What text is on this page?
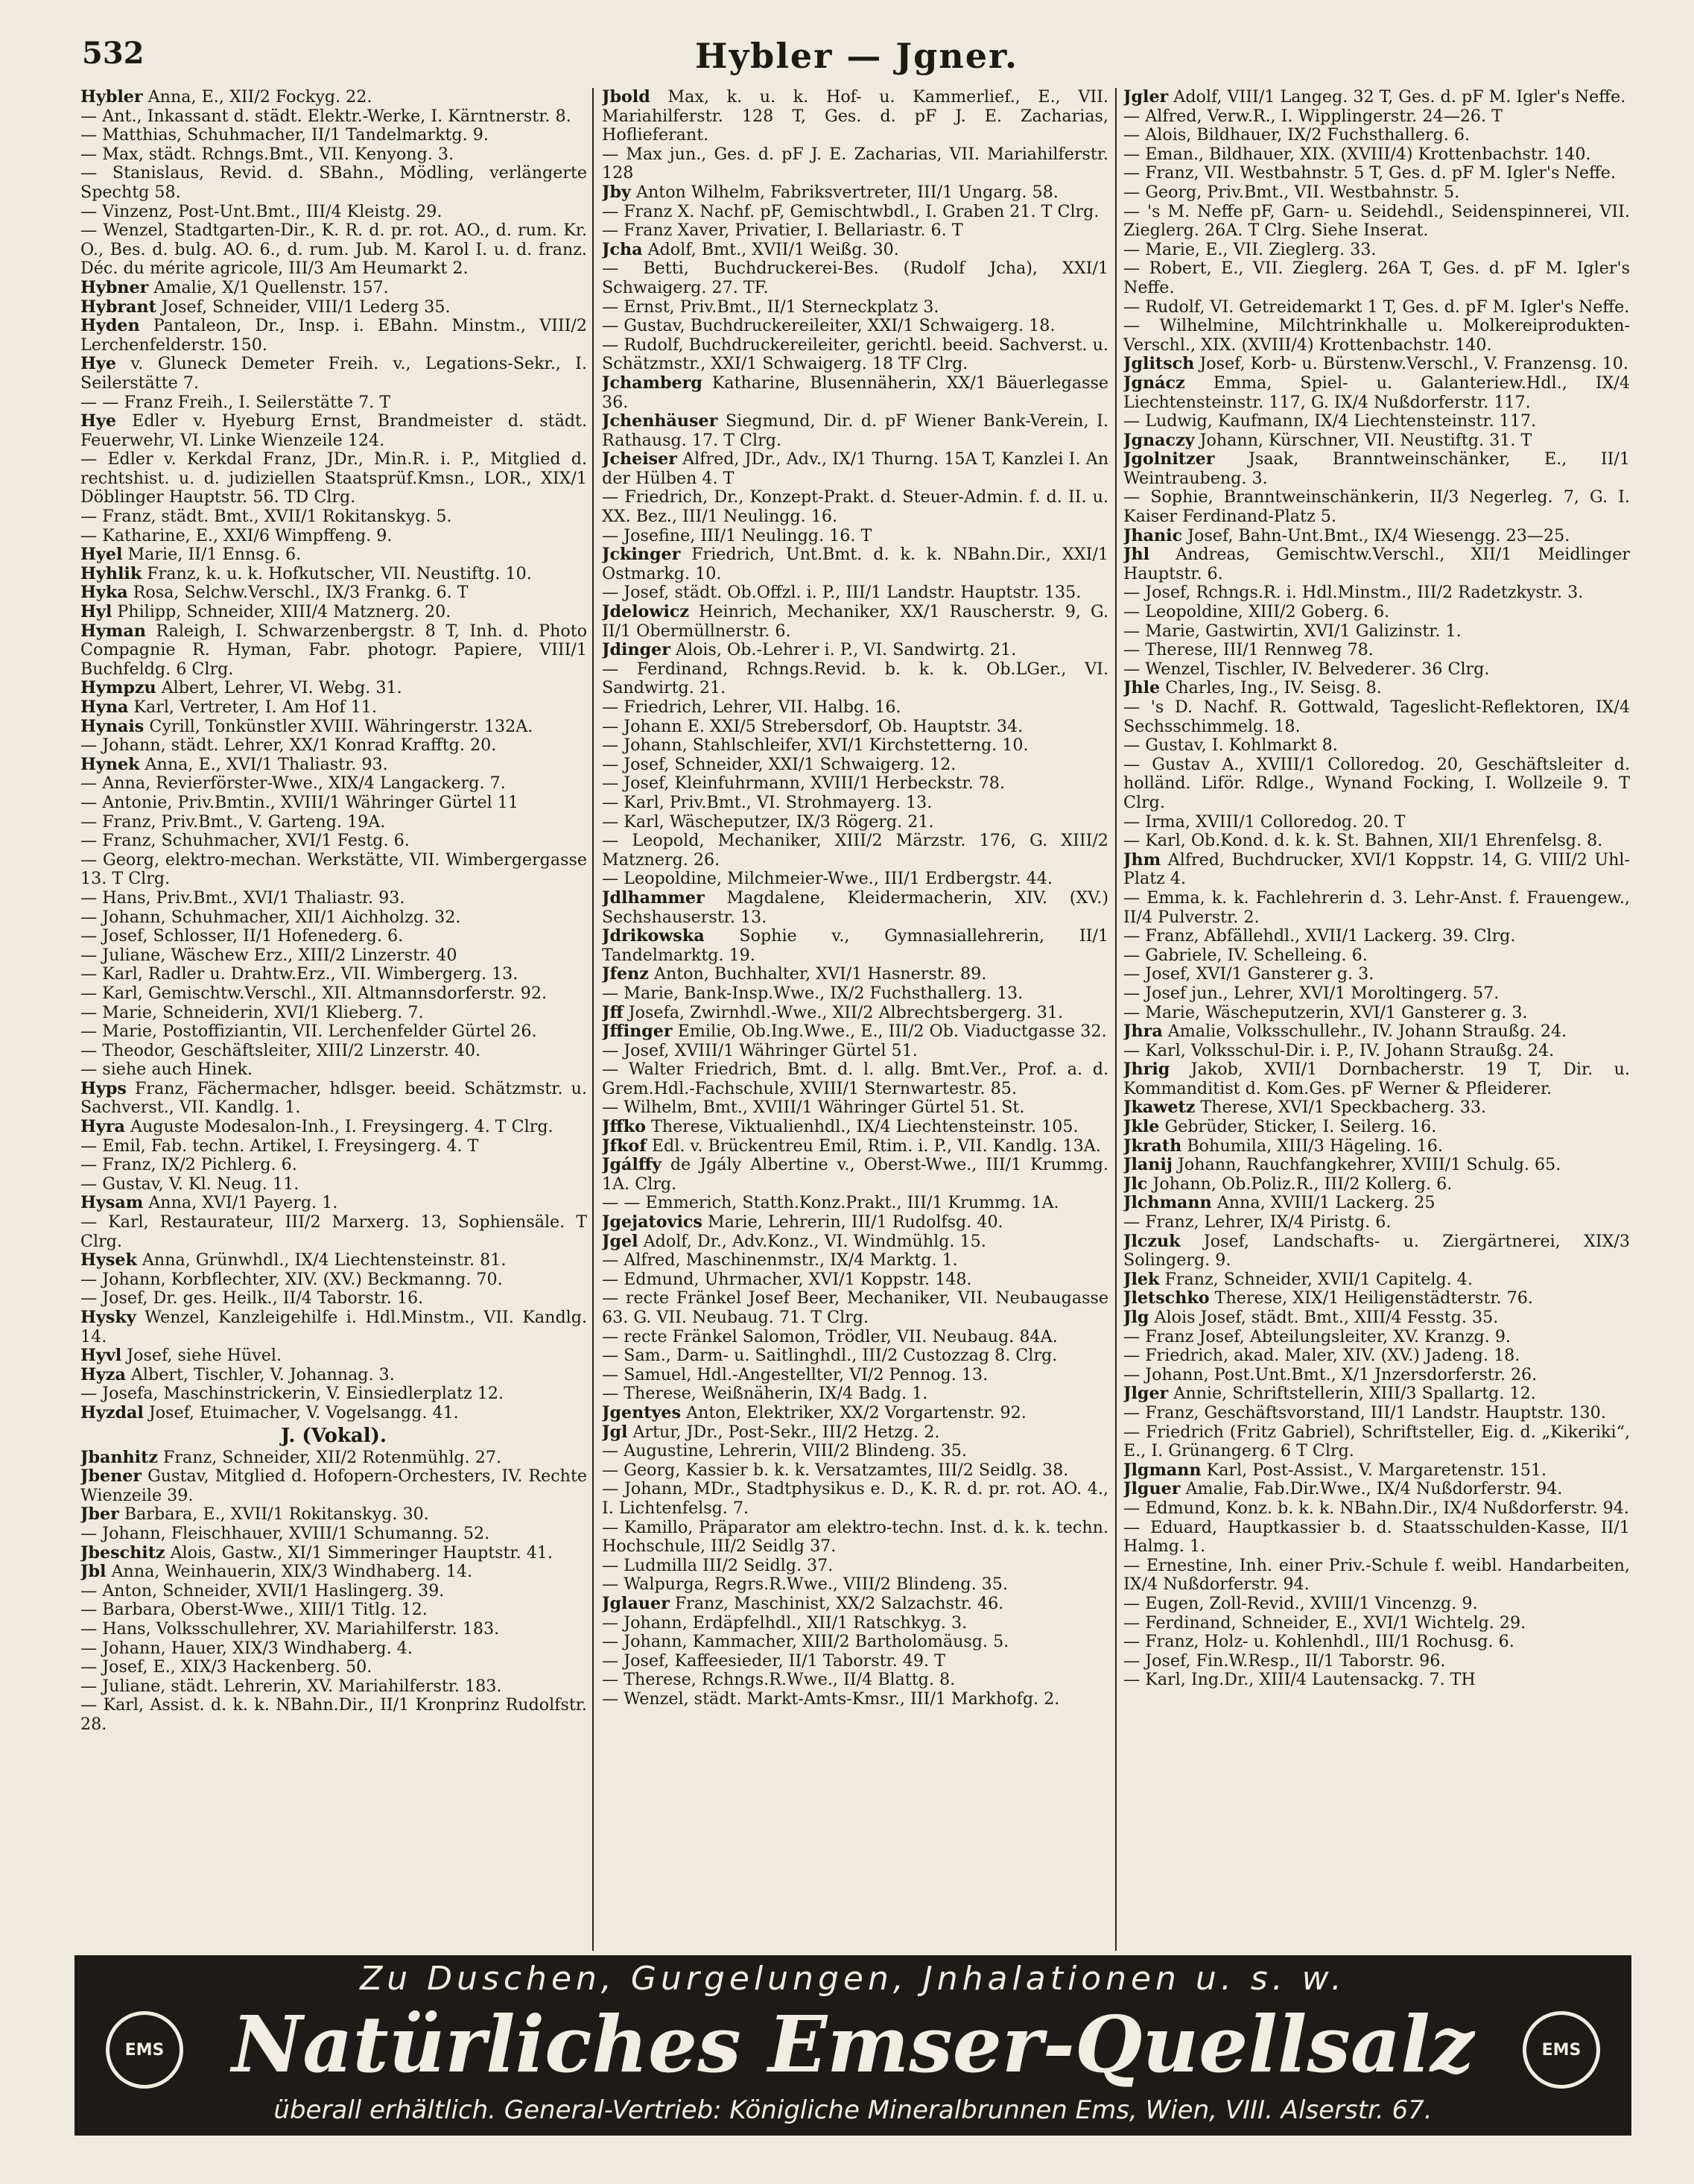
532	Hybler — Jgner.

Hybler Anna, E., XII/2 Fockyg. 22.

— Ant., Inkassant d. städt. Elektr.-Werke, I. Kärntnerstr. 8.

— Matthias, Schuhmacher, II/1 Tandelmarktg. 9.

— Max, städt. Rchngs.Bmt., VII. Kenyong. 3.

— Stanislaus, Revid. d. SBahn., Mödling, verlängerte Spechtg 58.

— Vinzenz, Post-Unt.Bmt., III/4 Kleistg. 29.

— Wenzel, Stadtgarten-Dir., K. R. d. pr. rot. AO., d. rum. Kr. O., Bes. d. bulg. AO. 6., d. rum. Jub. M. Karol I. u. d. franz. Déc. du mérite agricole, III/3 Am Heumarkt 2.

Hybner Amalie, X/1 Quellenstr. 157.

Hybrant Josef, Schneider, VIII/1 Lederg 35.

Hyden Pantaleon, Dr., Insp. i. EBahn. Minstm., VIII/2 Lerchenfelderstr. 150.

Hye v. Gluneck Demeter Freih. v., Legations-Sekr., I. Seilerstätte 7.

— — Franz Freih., I. Seilerstätte 7. T

Hye Edler v. Hyeburg Ernst, Brandmeister d. städt. Feuerwehr, VI. Linke Wienzeile 124.

— Edler v. Kerkdal Franz, JDr., Min.R. i. P., Mitglied d. rechtshist. u. d. judiziellen Staatsprüf.Kmsn., LOR., XIX/1 Döblinger Hauptstr. 56. TD Clrg.

— Franz, städt. Bmt., XVII/1 Rokitanskyg. 5.

— Katharine, E., XXI/6 Wimpffeng. 9.

Hyel Marie, II/1 Ennsg. 6.

Hyhlik Franz, k. u. k. Hofkutscher, VII. Neustiftg. 10.

Hyka Rosa, Selchw.Verschl., IX/3 Frankg. 6. T

Hyl Philipp, Schneider, XIII/4 Matznerg. 20.

Hyman Raleigh, I. Schwarzenbergstr. 8 T, Inh. d. Photo Compagnie R. Hyman, Fabr. photogr. Papiere, VIII/1 Buchfeldg. 6 Clrg.

Hympzu Albert, Lehrer, VI. Webg. 31.

Hyna Karl, Vertreter, I. Am Hof 11.

Hynais Cyrill, Tonkünstler XVIII. Währingerstr. 132A.

— Johann, städt. Lehrer, XX/1 Konrad Krafftg. 20.

Hynek Anna, E., XVI/1 Thaliastr. 93.

— Anna, Revierförster-Wwe., XIX/4 Langackerg. 7.

— Antonie, Priv.Bmtin., XVIII/1 Währinger Gürtel 11

— Franz, Priv.Bmt., V. Garteng. 19A.

— Franz, Schuhmacher, XVI/1 Festg. 6.

— Georg, elektro-mechan. Werkstätte, VII. Wimbergergasse 13. T Clrg.

— Hans, Priv.Bmt., XVI/1 Thaliastr. 93.

— Johann, Schuhmacher, XII/1 Aichholzg. 32.

— Josef, Schlosser, II/1 Hofenederg. 6.

— Juliane, Wäschew Erz., XIII/2 Linzerstr. 40

— Karl, Radler u. Drahtw.Erz., VII. Wimbergerg. 13.

— Karl, Gemischtw.Verschl., XII. Altmannsdorferstr. 92.

— Marie, Schneiderin, XVI/1 Klieberg. 7.

— Marie, Postoffiziantin, VII. Lerchenfelder Gürtel 26.

— Theodor, Geschäftsleiter, XIII/2 Linzerstr. 40.

— siehe auch Hinek.

Hyps Franz, Fächermacher, hdlsger. beeid. Schätzmstr. u. Sachverst., VII. Kandlg. 1.

Hyra Auguste Modesalon-Inh., I. Freysingerg. 4. T Clrg.

— Emil, Fab. techn. Artikel, I. Freysingerg. 4. T

— Franz, IX/2 Pichlerg. 6.

— Gustav, V. Kl. Neug. 11.

Hysam Anna, XVI/1 Payerg. 1.

— Karl, Restaurateur, III/2 Marxerg. 13, Sophiensäle. T Clrg.

Hysek Anna, Grünwhdl., IX/4 Liechtensteinstr. 81.

— Johann, Korbflechter, XIV. (XV.) Beckmanng. 70.

— Josef, Dr. ges. Heilk., II/4 Taborstr. 16.

Hysky Wenzel, Kanzleigehilfe i. Hdl.Minstm., VII. Kandlg. 14.

Hyvl Josef, siehe Hüvel.

Hyza Albert, Tischler, V. Johannag. 3.

— Josefa, Maschinstrickerin, V. Einsiedlerplatz 12.

Hyzdal Josef, Etuimacher, V. Vogelsangg. 41.

J. (Vokal).

Jbanhitz Franz, Schneider, XII/2 Rotenmühlg. 27.

Jbener Gustav, Mitglied d. Hofopern-Orchesters, IV. Rechte Wienzeile 39.

Jber Barbara, E., XVII/1 Rokitanskyg. 30.

— Johann, Fleischhauer, XVIII/1 Schumanng. 52.

Jbeschitz Alois, Gastw., XI/1 Simmeringer Hauptstr. 41.

Jbl Anna, Weinhauerin, XIX/3 Windhaberg. 14.

— Anton, Schneider, XVII/1 Haslingerg. 39.

— Barbara, Oberst-Wwe., XIII/1 Titlg. 12.

— Hans, Volksschullehrer, XV. Mariahilferstr. 183.

— Johann, Hauer, XIX/3 Windhaberg. 4.

— Josef, E., XIX/3 Hackenberg. 50.

— Juliane, städt. Lehrerin, XV. Mariahilferstr. 183.

— Karl, Assist. d. k. k. NBahn.Dir., II/1 Kronprinz Rudolfstr. 28.

Jbold Max, k. u. k. Hof- u. Kammerlief., E., VII. Mariahilferstr. 128 T, Ges. d. pF J. E. Zacharias, Hoflieferant.

— Max jun., Ges. d. pF J. E. Zacharias, VII. Mariahilferstr. 128

Jby Anton Wilhelm, Fabriksvertreter, III/1 Ungarg. 58.

— Franz X. Nachf. pF, Gemischtwbdl., I. Graben 21. T Clrg.

— Franz Xaver, Privatier, I. Bellariastr. 6. T

Jcha Adolf, Bmt., XVII/1 Weißg. 30.

— Betti, Buchdruckerei-Bes. (Rudolf Jcha), XXI/1 Schwaigerg. 27. TF.

— Ernst, Priv.Bmt., II/1 Sterneckplatz 3.

— Gustav, Buchdruckereileiter, XXI/1 Schwaigerg. 18.

— Rudolf, Buchdruckereileiter, gerichtl. beeid. Sachverst. u. Schätzmstr., XXI/1 Schwaigerg. 18 TF Clrg.

Jchamberg Katharine, Blusennäherin, XX/1 Bäuerlegasse 36.

Jchenhäuser Siegmund, Dir. d. pF Wiener Bank-Verein, I. Rathausg. 17. T Clrg.

Jcheiser Alfred, JDr., Adv., IX/1 Thurng. 15A T, Kanzlei I. An der Hülben 4. T

— Friedrich, Dr., Konzept-Prakt. d. Steuer-Admin. f. d. II. u. XX. Bez., III/1 Neulingg. 16.

— Josefine, III/1 Neulingg. 16. T

Jckinger Friedrich, Unt.Bmt. d. k. k. NBahn.Dir., XXI/1 Ostmarkg. 10.

— Josef, städt. Ob.Offzl. i. P., III/1 Landstr. Hauptstr. 135.

Jdelowicz Heinrich, Mechaniker, XX/1 Rauscherstr. 9, G. II/1 Obermüllnerstr. 6.

Jdinger Alois, Ob.-Lehrer i. P., VI. Sandwirtg. 21.

— Ferdinand, Rchngs.Revid. b. k. k. Ob.LGer., VI. Sandwirtg. 21.

— Friedrich, Lehrer, VII. Halbg. 16.

— Johann E. XXI/5 Strebersdorf, Ob. Hauptstr. 34.

— Johann, Stahlschleifer, XVI/1 Kirchstetterng. 10.

— Josef, Schneider, XXI/1 Schwaigerg. 12.

— Josef, Kleinfuhrmann, XVIII/1 Herbeckstr. 78.

— Karl, Priv.Bmt., VI. Strohmayerg. 13.

— Karl, Wäscheputzer, IX/3 Rögerg. 21.

— Leopold, Mechaniker, XIII/2 Märzstr. 176, G. XIII/2 Matznerg. 26.

— Leopoldine, Milchmeier-Wwe., III/1 Erdbergstr. 44.

Jdlhammer Magdalene, Kleidermacherin, XIV. (XV.) Sechshauserstr. 13.

Jdrikowska Sophie v., Gymnasiallehrerin, II/1 Tandelmarktg. 19.

Jfenz Anton, Buchhalter, XVI/1 Hasnerstr. 89.

— Marie, Bank-Insp.Wwe., IX/2 Fuchsthallerg. 13.

Jff Josefa, Zwirnhdl.-Wwe., XII/2 Albrechtsbergerg. 31.

Jffinger Emilie, Ob.Ing.Wwe., E., III/2 Ob. Viaductgasse 32.

— Josef, XVIII/1 Währinger Gürtel 51.

— Walter Friedrich, Bmt. d. l. allg. Bmt.Ver., Prof. a. d. Grem.Hdl.-Fachschule, XVIII/1 Sternwartestr. 85.

— Wilhelm, Bmt., XVIII/1 Währinger Gürtel 51. St.

Jffko Therese, Viktualienhdl., IX/4 Liechtensteinstr. 105.

Jfkof Edl. v. Brückentreu Emil, Rtim. i. P., VII. Kandlg. 13A.

Jgálffy de Jgály Albertine v., Oberst-Wwe., III/1 Krummg. 1A. Clrg.

— — Emmerich, Statth.Konz.Prakt., III/1 Krummg. 1A.

Jgejatovics Marie, Lehrerin, III/1 Rudolfsg. 40.

Jgel Adolf, Dr., Adv.Konz., VI. Windmühlg. 15.

— Alfred, Maschinenmstr., IX/4 Marktg. 1.

— Edmund, Uhrmacher, XVI/1 Koppstr. 148.

— recte Fränkel Josef Beer, Mechaniker, VII. Neubaugasse 63. G. VII. Neubaug. 71. T Clrg.

— recte Fränkel Salomon, Trödler, VII. Neubaug. 84A.

— Sam., Darm- u. Saitlinghdl., III/2 Custozzag 8. Clrg.

— Samuel, Hdl.-Angestellter, VI/2 Pennog. 13.

— Therese, Weißnäherin, IX/4 Badg. 1.

Jgentyes Anton, Elektriker, XX/2 Vorgartenstr. 92.

Jgl Artur, JDr., Post-Sekr., III/2 Hetzg. 2.

— Augustine, Lehrerin, VIII/2 Blindeng. 35.

— Georg, Kassier b. k. k. Versatzamtes, III/2 Seidlg. 38.

— Johann, MDr., Stadtphysikus e. D., K. R. d. pr. rot. AO. 4., I. Lichtenfelsg. 7.

— Kamillo, Präparator am elektro-techn. Inst. d. k. k. techn. Hochschule, III/2 Seidlg 37.

— Ludmilla III/2 Seidlg. 37.

— Walpurga, Regrs.R.Wwe., VIII/2 Blindeng. 35.

Jglauer Franz, Maschinist, XX/2 Salzachstr. 46.

— Johann, Erdäpfelhdl., XII/1 Ratschkyg. 3.

— Johann, Kammacher, XIII/2 Bartholomäusg. 5.

— Josef, Kaffeesieder, II/1 Taborstr. 49. T

— Therese, Rchngs.R.Wwe., II/4 Blattg. 8.

— Wenzel, städt. Markt-Amts-Kmsr., III/1 Markhofg. 2.

Jgler Adolf, VIII/1 Langeg. 32 T, Ges. d. pF M. Igler's Neffe.

— Alfred, Verw.R., I. Wipplingerstr. 24—26. T

— Alois, Bildhauer, IX/2 Fuchsthallerg. 6.

— Eman., Bildhauer, XIX. (XVIII/4) Krottenbachstr. 140.

— Franz, VII. Westbahnstr. 5 T, Ges. d. pF M. Igler's Neffe.

— Georg, Priv.Bmt., VII. Westbahnstr. 5.

— 's M. Neffe pF, Garn- u. Seidehdl., Seidenspinnerei, VII. Zieglerg. 26A. T Clrg. Siehe Inserat.

— Marie, E., VII. Zieglerg. 33.

— Robert, E., VII. Zieglerg. 26A T, Ges. d. pF M. Igler's Neffe.

— Rudolf, VI. Getreidemarkt 1 T, Ges. d. pF M. Igler's Neffe.

— Wilhelmine, Milchtrinkhalle u. Molkereiprodukten-Verschl., XIX. (XVIII/4) Krottenbachstr. 140.

Jglitsch Josef, Korb- u. Bürstenw.Verschl., V. Franzensg. 10.

Jgnácz Emma, Spiel- u. Galanteriew.Hdl., IX/4 Liechtensteinstr. 117, G. IX/4 Nußdorferstr. 117.

— Ludwig, Kaufmann, IX/4 Liechtensteinstr. 117.

Jgnaczy Johann, Kürschner, VII. Neustiftg. 31. T

Jgolnitzer Jsaak, Branntweinschänker, E., II/1 Weintraubeng. 3.

— Sophie, Branntweinschänkerin, II/3 Negerleg. 7, G. I. Kaiser Ferdinand-Platz 5.

Jhanic Josef, Bahn-Unt.Bmt., IX/4 Wiesengg. 23—25.

Jhl Andreas, Gemischtw.Verschl., XII/1 Meidlinger Hauptstr. 6.

— Josef, Rchngs.R. i. Hdl.Minstm., III/2 Radetzkystr. 3.

— Leopoldine, XIII/2 Goberg. 6.

— Marie, Gastwirtin, XVI/1 Galizinstr. 1.

— Therese, III/1 Rennweg 78.

— Wenzel, Tischler, IV. Belvederег. 36 Clrg.

Jhle Charles, Ing., IV. Seisg. 8.

— 's D. Nachf. R. Gottwald, Tageslicht-Reflektoren, IX/4 Sechsschimmelg. 18.

— Gustav, I. Kohlmarkt 8.

— Gustav A., XVIII/1 Colloredog. 20, Geschäftsleiter d. holländ. Liför. Rdlge., Wynand Focking, I. Wollzeile 9. T Clrg.

— Irma, XVIII/1 Colloredog. 20. T

— Karl, Ob.Kond. d. k. k. St. Bahnen, XII/1 Ehrenfelsg. 8.

Jhm Alfred, Buchdrucker, XVI/1 Koppstr. 14, G. VIII/2 Uhl-Platz 4.

— Emma, k. k. Fachlehrerin d. 3. Lehr-Anst. f. Frauengew., II/4 Pulverstr. 2.

— Franz, Abfällehdl., XVII/1 Lackerg. 39. Clrg.

— Gabriele, IV. Schelleing. 6.

— Josef, XVI/1 Gansterer g. 3.

— Josef jun., Lehrer, XVI/1 Moroltingerg. 57.

— Marie, Wäscheputzerin, XVI/1 Gansterer g. 3.

Jhra Amalie, Volksschullehr., IV. Johann Straußg. 24.

— Karl, Volksschul-Dir. i. P., IV. Johann Straußg. 24.

Jhrig Jakob, XVII/1 Dornbacherstr. 19 T, Dir. u. Kommanditist d. Kom.Ges. pF Werner & Pfleiderer.

Jkawetz Therese, XVI/1 Speckbacherg. 33.

Jkle Gebrüder, Sticker, I. Seilerg. 16.

Jkrath Bohumila, XIII/3 Hägeling. 16.

Jlanij Johann, Rauchfangkehrer, XVIII/1 Schulg. 65.

Jlc Johann, Ob.Poliz.R., III/2 Kollerg. 6.

Jlchmann Anna, XVIII/1 Lackerg. 25

— Franz, Lehrer, IX/4 Piristg. 6.

Jlczuk Josef, Landschafts- u. Ziergärtnerei, XIX/3 Solingerg. 9.

Jlek Franz, Schneider, XVII/1 Capitelg. 4.

Jletschko Therese, XIX/1 Heiligenstädterstr. 76.

Jlg Alois Josef, städt. Bmt., XIII/4 Fesstg. 35.

— Franz Josef, Abteilungsleiter, XV. Kranzg. 9.

— Friedrich, akad. Maler, XIV. (XV.) Jadeng. 18.

— Johann, Post.Unt.Bmt., X/1 Jnzersdorferstr. 26.

Jlger Annie, Schriftstellerin, XIII/3 Spallartg. 12.

— Franz, Geschäftsvorstand, III/1 Landstr. Hauptstr. 130.

— Friedrich (Fritz Gabriel), Schriftsteller, Eig. d. „Kikeriki“, E., I. Grünangerg. 6 T Clrg.

Jlgmann Karl, Post-Assist., V. Margaretenstr. 151.

Jlguer Amalie, Fab.Dir.Wwe., IX/4 Nußdorferstr. 94.

— Edmund, Konz. b. k. k. NBahn.Dir., IX/4 Nußdorferstr. 94.

— Eduard, Hauptkassier b. d. Staatsschulden-Kasse, II/1 Halmg. 1.

— Ernestine, Inh. einer Priv.-Schule f. weibl. Handarbeiten, IX/4 Nußdorferstr. 94.

— Eugen, Zoll-Revid., XVIII/1 Vincenzg. 9.

— Ferdinand, Schneider, E., XVI/1 Wichtelg. 29.

— Franz, Holz- u. Kohlenhdl., III/1 Rochusg. 6.

— Josef, Fin.W.Resp., II/1 Taborstr. 96.

— Karl, Ing.Dr., XIII/4 Lautensackg. 7. TH

EMS	EMS
Zu Duschen, Gurgelungen, Jnhalationen u. s. w.
Natürliches Emser-Quellsalz
überall erhältlich. General-Vertrieb: Königliche Mineralbrunnen Ems, Wien, VIII. Alserstr. 67.
